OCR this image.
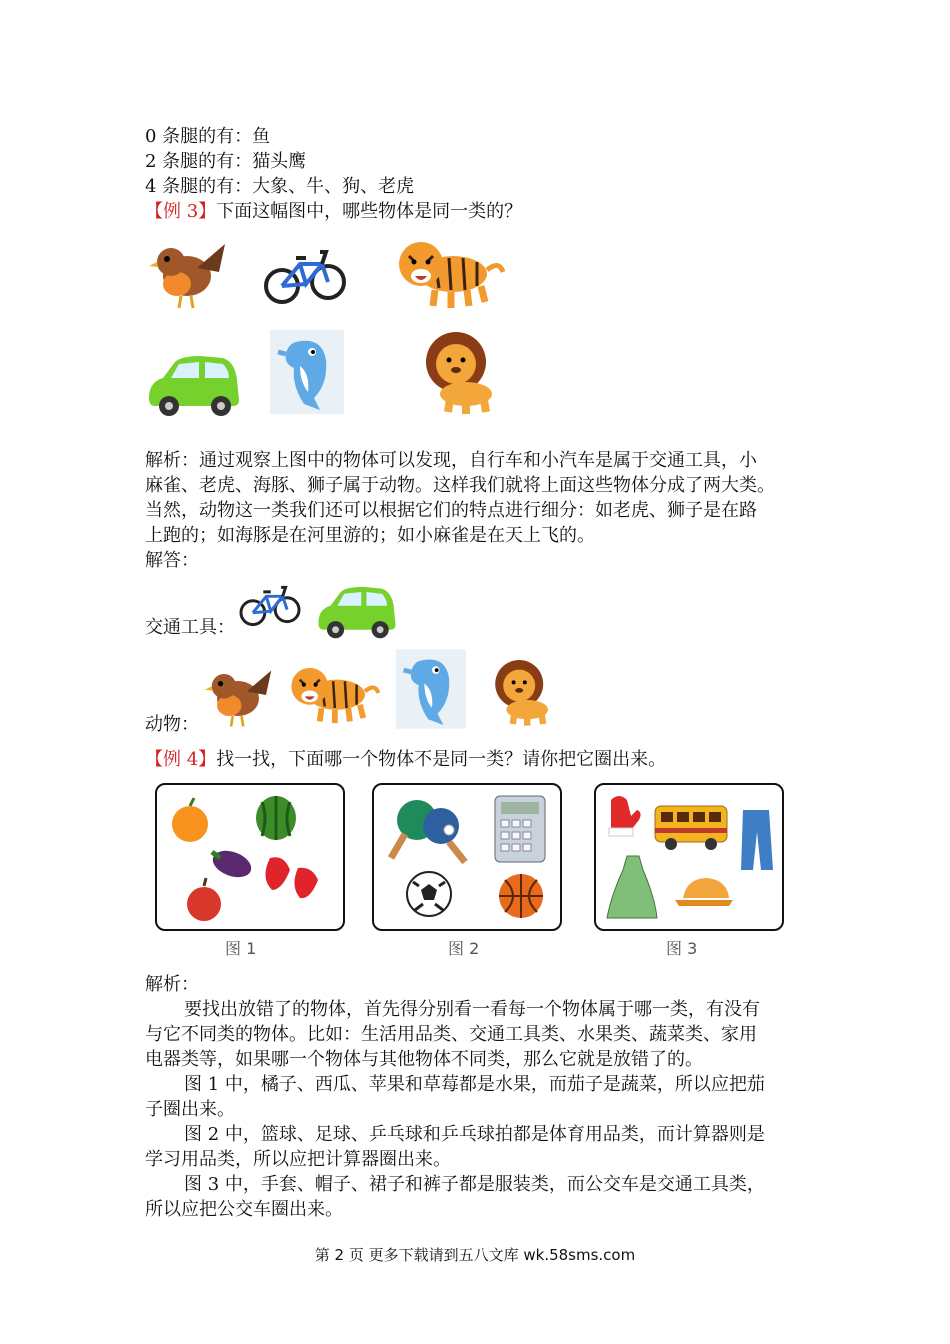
0 条腿的有：鱼
2 条腿的有：猫头鹰
4 条腿的有：大象、牛、狗、老虎
【例 3】下面这幅图中，哪些物体是同一类的？
解析：通过观察上图中的物体可以发现，自行车和小汽车是属于交通工具，小
麻雀、老虎、海豚、狮子属于动物。这样我们就将上面这些物体分成了两大类。
当然，动物这一类我们还可以根据它们的特点进行细分：如老虎、狮子是在路
上跑的；如海豚是在河里游的；如小麻雀是在天上飞的。
解答：
交通工具：
动物：
【例 4】找一找，下面哪一个物体不是同一类？请你把它圈出来。
图 1	图 2	图 3
解析：
要找出放错了的物体，首先得分别看一看每一个物体属于哪一类，有没有
与它不同类的物体。比如：生活用品类、交通工具类、水果类、蔬菜类、家用
电器类等，如果哪一个物体与其他物体不同类，那么它就是放错了的。
图 1 中，橘子、西瓜、苹果和草莓都是水果，而茄子是蔬菜，所以应把茄
子圈出来。
图 2 中，篮球、足球、乒乓球和乒乓球拍都是体育用品类，而计算器则是
学习用品类，所以应把计算器圈出来。
图 3 中，手套、帽子、裙子和裤子都是服装类，而公交车是交通工具类，
所以应把公交车圈出来。
第 2 页 更多下载请到五八文库 wk.58sms.com
